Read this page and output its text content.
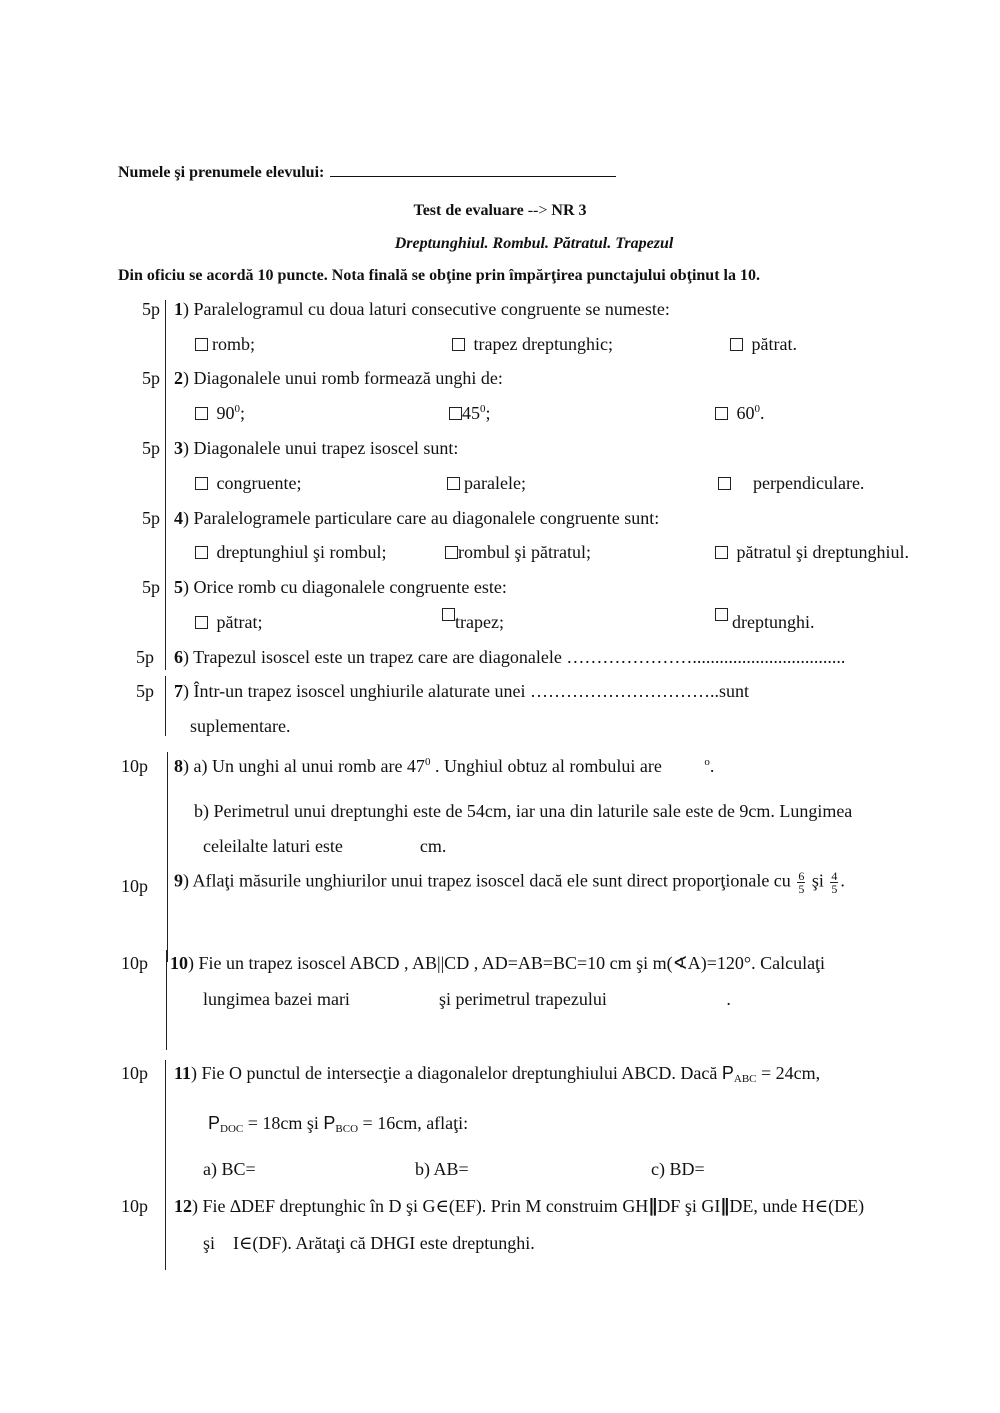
Numele şi prenumele elevului:
Test de evaluare --> NR 3
Dreptunghiul. Rombul. Pătratul. Trapezul
Din oficiu se acordă 10 puncte. Nota finală se obţine prin împărţirea punctajului obţinut la 10.
5p 1) Paralelogramul cu doua laturi consecutive congruente se numeste:
romb;	trapez dreptunghic;	pătrat.
5p 2) Diagonalele unui romb formează unghi de:
$90^0$;	$45^0$;	$60^0$.
5p 3) Diagonalele unui trapez isoscel sunt:
congruente;	paralele;	perpendiculare.
5p 4) Paralelogramele particulare care au diagonalele congruente sunt:
dreptunghiul şi rombul;	rombul şi pătratul;	pătratul şi dreptunghiul.
5p 5) Orice romb cu diagonalele congruente este:
pătrat;	trapez;	dreptunghi.
5p 6) Trapezul isoscel este un trapez care are diagonalele …………………..................................
5p 7) Într-un trapez isoscel unghiurile alaturate unei …………………………..sunt
suplementare.
10p 8) a) Un unghi al unui romb are $47^0$ . Unghiul obtuz al rombului are	$^o$.
b) Perimetrul unui dreptunghi este de 54cm, iar una din laturile sale este de 9cm. Lungimea
celeilalte laturi este	cm.
10p 9) Aflaţi măsurile unghiurilor unui trapez isoscel dacă ele sunt direct proporţionale cu $\frac{6}{5}$ şi $\frac{4}{5}$ .
10p 10) Fie un trapez isoscel ABCD , AB||CD , AD=AB=BC=10 cm şi m(∢A)=120°. Calculaţi
lungimea bazei mari	şi perimetrul trapezului	.
10p 11) Fie O punctul de intersecţie a diagonalelor dreptunghiului ABCD. Dacă $P_{ABC} = 24cm$,
$P_{DOC} = 18cm$ şi $P_{BCO} = 16cm$, aflaţi:
a) BC=	b) AB=	c) BD=
10p 12) Fie ∆DEF dreptunghic în D şi G∈(EF). Prin M construim GH∥DF şi GI∥DE, unde H∈(DE)
şi I∈(DF). Arătaţi că DHGI este dreptunghi.
